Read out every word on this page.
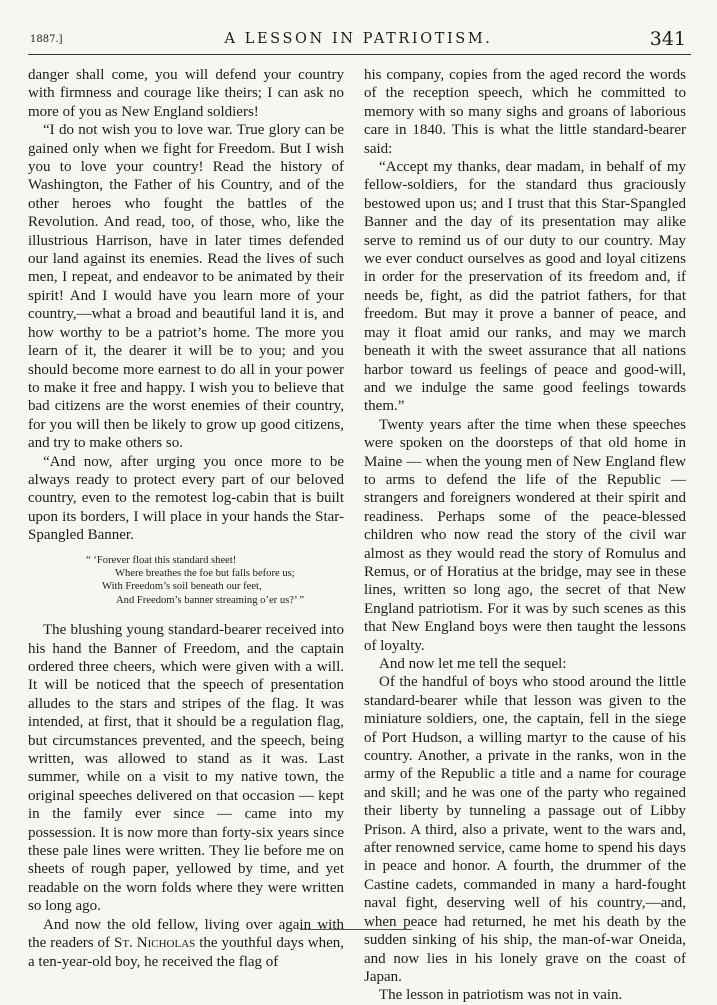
1887.]	A LESSON IN PATRIOTISM.	341

danger shall come, you will defend your country with firmness and courage like theirs; I can ask no more of you as New England soldiers!

“I do not wish you to love war. True glory can be gained only when we fight for Freedom. But I wish you to love your country! Read the history of Washington, the Father of his Country, and of the other heroes who fought the battles of the Revolution. And read, too, of those, who, like the illustrious Harrison, have in later times defended our land against its enemies. Read the lives of such men, I repeat, and endeavor to be animated by their spirit! And I would have you learn more of your country,—what a broad and beautiful land it is, and how worthy to be a patriot’s home. The more you learn of it, the dearer it will be to you; and you should become more earnest to do all in your power to make it free and happy. I wish you to believe that bad citizens are the worst enemies of their country, for you will then be likely to grow up good citizens, and try to make others so.

“And now, after urging you once more to be always ready to protect every part of our beloved country, even to the remotest log-cabin that is built upon its borders, I will place in your hands the Star-Spangled Banner.

“ ‘Forever float this standard sheet!
Where breathes the foe but falls before us;
With Freedom’s soil beneath our feet,
And Freedom’s banner streaming o’er us?’ ”

The blushing young standard-bearer received into his hand the Banner of Freedom, and the captain ordered three cheers, which were given with a will. It will be noticed that the speech of presentation alludes to the stars and stripes of the flag. It was intended, at first, that it should be a regulation flag, but circumstances prevented, and the speech, being written, was allowed to stand as it was. Last summer, while on a visit to my native town, the original speeches delivered on that occasion — kept in the family ever since — came into my possession. It is now more than forty-six years since these pale lines were written. They lie before me on sheets of rough paper, yellowed by time, and yet readable on the worn folds where they were written so long ago.

And now the old fellow, living over again with the readers of St. Nicholas the youthful days when, a ten-year-old boy, he received the flag of

his company, copies from the aged record the words of the reception speech, which he committed to memory with so many sighs and groans of laborious care in 1840. This is what the little standard-bearer said:

“Accept my thanks, dear madam, in behalf of my fellow-soldiers, for the standard thus graciously bestowed upon us; and I trust that this Star-Spangled Banner and the day of its presentation may alike serve to remind us of our duty to our country. May we ever conduct ourselves as good and loyal citizens in order for the preservation of its freedom and, if needs be, fight, as did the patriot fathers, for that freedom. But may it prove a banner of peace, and may it float amid our ranks, and may we march beneath it with the sweet assurance that all nations harbor toward us feelings of peace and good-will, and we indulge the same good feelings towards them.”

Twenty years after the time when these speeches were spoken on the doorsteps of that old home in Maine — when the young men of New England flew to arms to defend the life of the Republic — strangers and foreigners wondered at their spirit and readiness. Perhaps some of the peace-blessed children who now read the story of the civil war almost as they would read the story of Romulus and Remus, or of Horatius at the bridge, may see in these lines, written so long ago, the secret of that New England patriotism. For it was by such scenes as this that New England boys were then taught the lessons of loyalty.

And now let me tell the sequel:

Of the handful of boys who stood around the little standard-bearer while that lesson was given to the miniature soldiers, one, the captain, fell in the siege of Port Hudson, a willing martyr to the cause of his country. Another, a private in the ranks, won in the army of the Republic a title and a name for courage and skill; and he was one of the party who regained their liberty by tunneling a passage out of Libby Prison. A third, also a private, went to the wars and, after renowned service, came home to spend his days in peace and honor. A fourth, the drummer of the Castine cadets, commanded in many a hard-fought naval fight, deserving well of his country,—and, when peace had returned, he met his death by the sudden sinking of his ship, the man-of-war Oneida, and now lies in his lonely grave on the coast of Japan.

The lesson in patriotism was not in vain.
